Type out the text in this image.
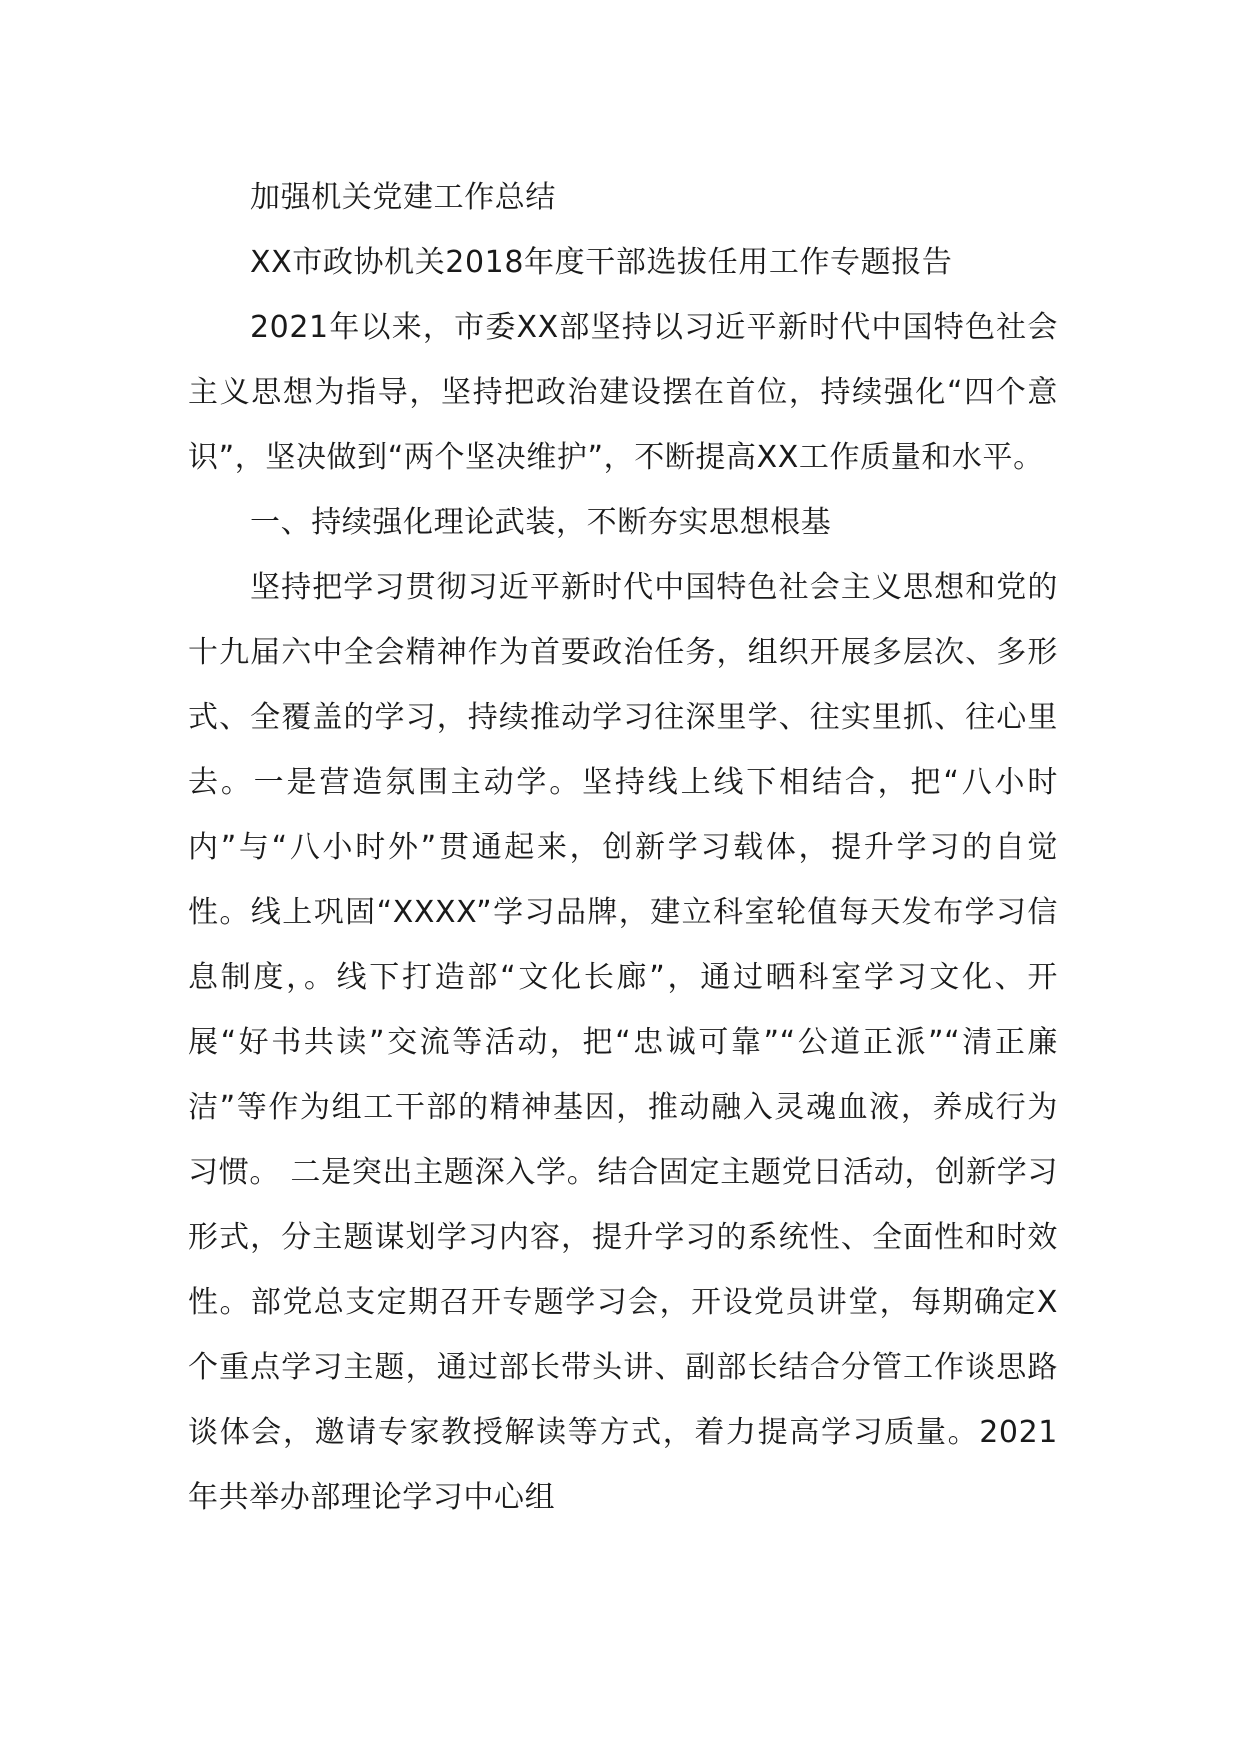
加强机关党建工作总结

XX市政协机关2018年度干部选拔任用工作专题报告

2021年以来，市委XX部坚持以习近平新时代中国特色社会主义思想为指导，坚持把政治建设摆在首位，持续强化“四个意识”，坚决做到“两个坚决维护”，不断提高XX工作质量和水平。

一、持续强化理论武装，不断夯实思想根基

坚持把学习贯彻习近平新时代中国特色社会主义思想和党的十九届六中全会精神作为首要政治任务，组织开展多层次、多形式、全覆盖的学习，持续推动学习往深里学、往实里抓、往心里去。一是营造氛围主动学。坚持线上线下相结合，把“八小时内”与“八小时外”贯通起来，创新学习载体，提升学习的自觉性。线上巩固“XXXX”学习品牌，建立科室轮值每天发布学习信息制度，。线下打造部“文化长廊”，通过晒科室学习文化、开展“好书共读”交流等活动，把“忠诚可靠”“公道正派”“清正廉洁”等作为组工干部的精神基因，推动融入灵魂血液，养成行为习惯。 二是突出主题深入学。结合固定主题党日活动，创新学习形式，分主题谋划学习内容，提升学习的系统性、全面性和时效性。部党总支定期召开专题学习会，开设党员讲堂，每期确定X个重点学习主题，通过部长带头讲、副部长结合分管工作谈思路谈体会，邀请专家教授解读等方式，着力提高学习质量。2021年共举办部理论学习中心组
